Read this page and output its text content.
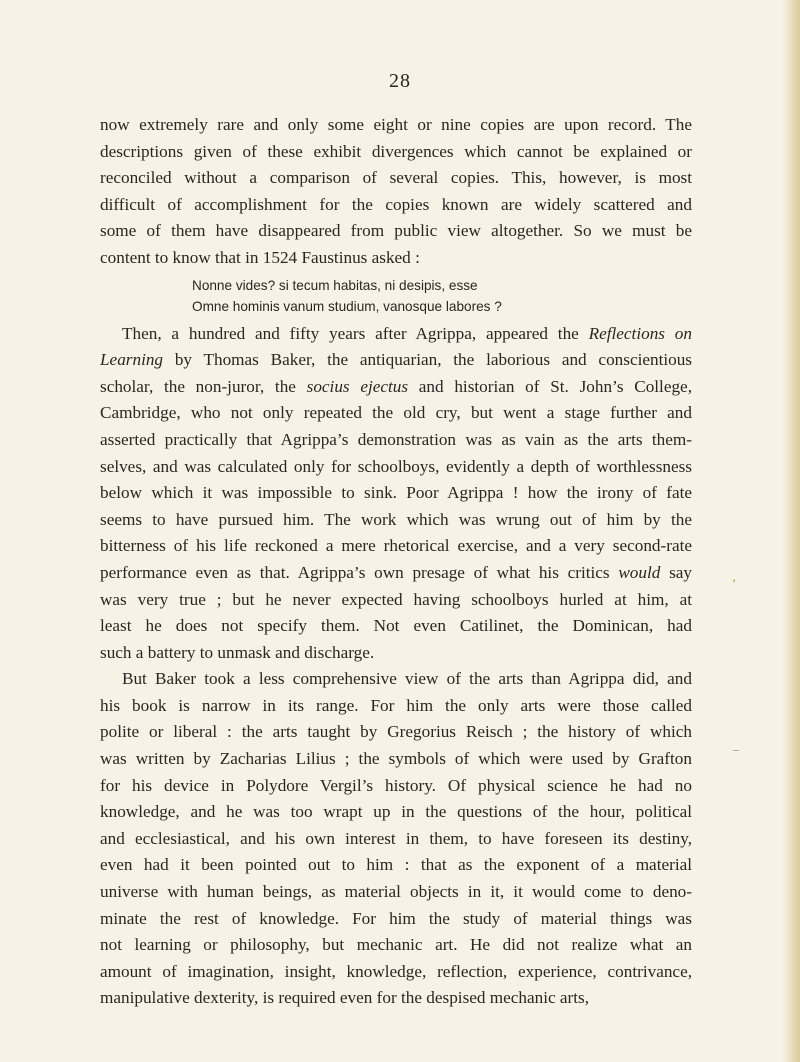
28
now extremely rare and only some eight or nine copies are upon record. The
descriptions given of these exhibit divergences which cannot be explained or
reconciled without a comparison of several copies. This, however, is most
difficult of accomplishment for the copies known are widely scattered and
some of them have disappeared from public view altogether. So we must be
content to know that in 1524 Faustinus asked :
Nonne vides? si tecum habitas, ni desipis, esse
Omne hominis vanum studium, vanosque labores ?
Then, a hundred and fifty years after Agrippa, appeared the Reflections on
Learning by Thomas Baker, the antiquarian, the laborious and conscientious
scholar, the non-juror, the socius ejectus and historian of St. John’s College,
Cambridge, who not only repeated the old cry, but went a stage further and
asserted practically that Agrippa’s demonstration was as vain as the arts them-
selves, and was calculated only for schoolboys, evidently a depth of worthlessness
below which it was impossible to sink. Poor Agrippa ! how the irony of fate
seems to have pursued him. The work which was wrung out of him by the
bitterness of his life reckoned a mere rhetorical exercise, and a very second-rate
performance even as that. Agrippa’s own presage of what his critics would say
was very true ; but he never expected having schoolboys hurled at him, at
least he does not specify them. Not even Catilinet, the Dominican, had
such a battery to unmask and discharge.
But Baker took a less comprehensive view of the arts than Agrippa did, and
his book is narrow in its range. For him the only arts were those called
polite or liberal : the arts taught by Gregorius Reisch ; the history of which
was written by Zacharias Lilius ; the symbols of which were used by Grafton
for his device in Polydore Vergil’s history. Of physical science he had no
knowledge, and he was too wrapt up in the questions of the hour, political
and ecclesiastical, and his own interest in them, to have foreseen its destiny,
even had it been pointed out to him : that as the exponent of a material
universe with human beings, as material objects in it, it would come to deno-
minate the rest of knowledge. For him the study of material things was
not learning or philosophy, but mechanic art. He did not realize what an
amount of imagination, insight, knowledge, reflection, experience, contrivance,
manipulative dexterity, is required even for the despised mechanic arts,
’
‒
